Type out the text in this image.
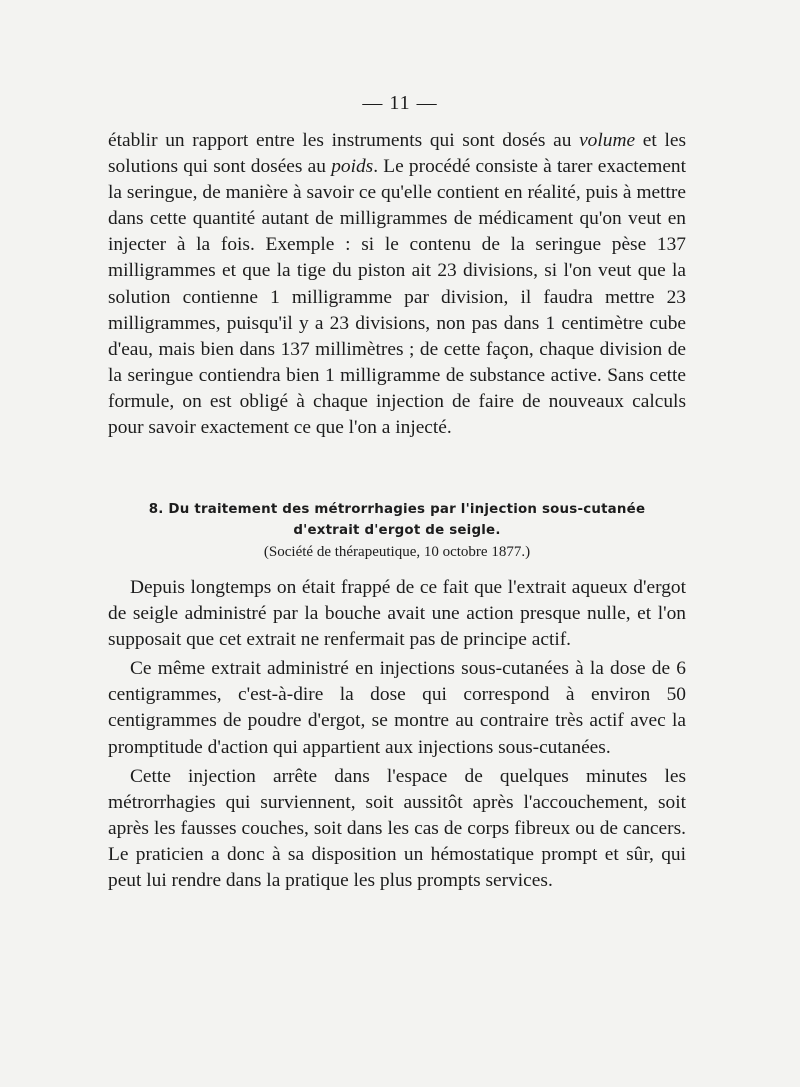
— 11 —

établir un rapport entre les instruments qui sont dosés au volume et les solutions qui sont dosées au poids. Le procédé consiste à tarer exactement la seringue, de manière à savoir ce qu'elle contient en réalité, puis à mettre dans cette quantité autant de milligrammes de médicament qu'on veut en injecter à la fois. Exemple : si le contenu de la seringue pèse 137 milligrammes et que la tige du piston ait 23 divisions, si l'on veut que la solution contienne 1 milligramme par division, il faudra mettre 23 milligrammes, puisqu'il y a 23 divisions, non pas dans 1 centimètre cube d'eau, mais bien dans 137 millimètres ; de cette façon, chaque division de la seringue contiendra bien 1 milligramme de substance active. Sans cette formule, on est obligé à chaque injection de faire de nouveaux calculs pour savoir exactement ce que l'on a injecté.

8. Du traitement des métrorrhagies par l'injection sous-cutanée
d'extrait d'ergot de seigle.
(Société de thérapeutique, 10 octobre 1877.)

Depuis longtemps on était frappé de ce fait que l'extrait aqueux d'ergot de seigle administré par la bouche avait une action presque nulle, et l'on supposait que cet extrait ne renfermait pas de principe actif.

Ce même extrait administré en injections sous-cutanées à la dose de 6 centigrammes, c'est-à-dire la dose qui correspond à environ 50 centigrammes de poudre d'ergot, se montre au contraire très actif avec la promptitude d'action qui appartient aux injections sous-cutanées.

Cette injection arrête dans l'espace de quelques minutes les métrorrhagies qui surviennent, soit aussitôt après l'accouchement, soit après les fausses couches, soit dans les cas de corps fibreux ou de cancers. Le praticien a donc à sa disposition un hémostatique prompt et sûr, qui peut lui rendre dans la pratique les plus prompts services.
